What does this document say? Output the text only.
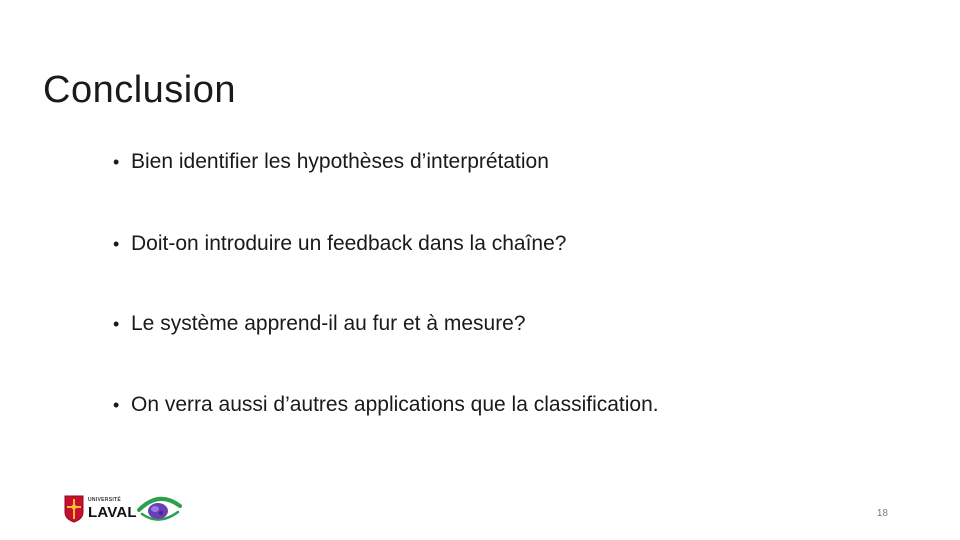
Conclusion
• Bien identifier les hypothèses d’interprétation
• Doit-on introduire un feedback dans la chaîne?
• Le système apprend-il au fur et à mesure?
• On verra aussi d’autres applications que la classification.
UNIVERSITÉ
LAVAL	18
